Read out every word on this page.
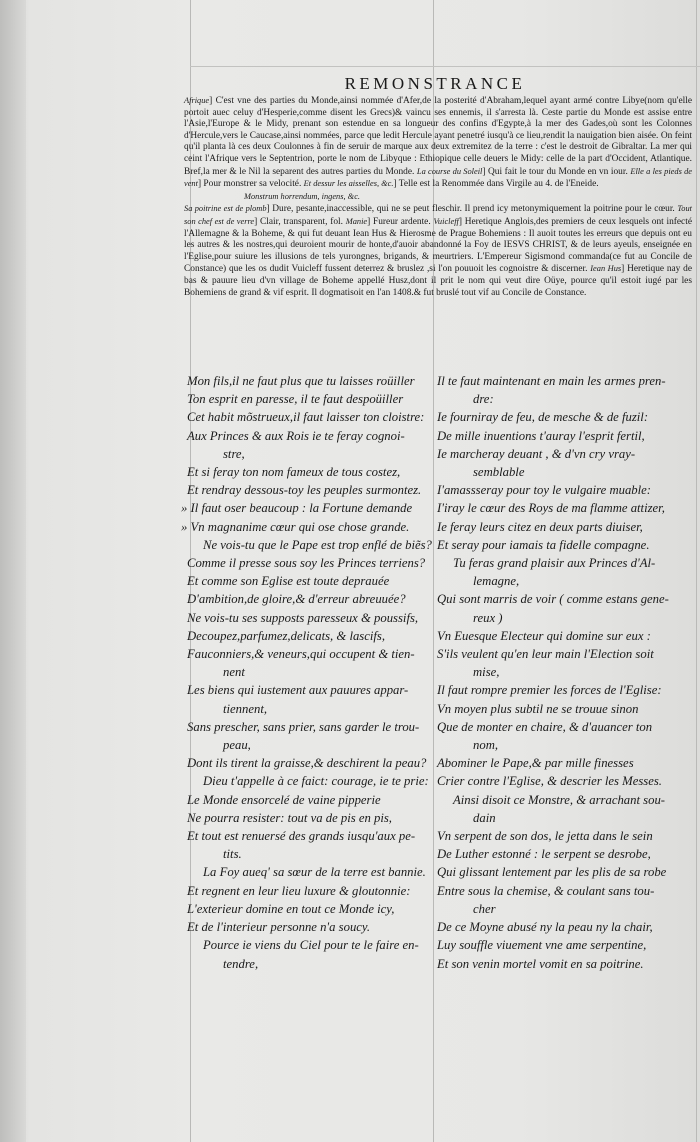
REMONSTRANCE

Afrique] C'est vne des parties du Monde,ainsi nommée d'Afer,de la posterité d'Abraham,lequel ayant armé contre Libye(nom qu'elle portoit auec celuy d'Hesperie,comme disent les Grecs)& vaincu ses ennemis, il s'arresta là. Ceste partie du Monde est assise entre l'Asie,l'Europe & le Midy, prenant son estendue en sa longueur des confins d'Egypte,à la mer des Gades,où sont les Colonnes d'Hercule,vers le Caucase,ainsi nommées, parce que ledit Hercule ayant penetré iusqu'à ce lieu,rendit la nauigation bien aisée. On feint qu'il planta là ces deux Coulonnes à fin de seruir de marque aux deux extremitez de la terre : c'est le destroit de Gibraltar. La mer qui ceint l'Afrique vers le Septentrion, porte le nom de Libyque : Ethiopique celle deuers le Midy: celle de la part d'Occident, Atlantique. Bref,la mer & le Nil la separent des autres parties du Monde. La course du Soleil] Qui fait le tour du Monde en vn iour. Elle a les pieds de vent] Pour monstrer sa velocité. Et dessur les aisselles, &c.] Telle est la Renommée dans Virgile au 4. de l'Eneide.

Monstrum horrendum, ingens, &c.

Sa poitrine est de plomb] Dure, pesante,inaccessible, qui ne se peut fleschir. Il prend icy metonymiquement la poitrine pour le cœur. Tout son chef est de verre] Clair, transparent, fol. Manie] Fureur ardente. Vuicleff] Heretique Anglois,des premiers de ceux lesquels ont infecté l'Allemagne & la Boheme, & qui fut deuant Iean Hus & Hierosme de Prague Bohemiens : Il auoit toutes les erreurs que depuis ont eu les autres & les nostres,qui deuroient mourir de honte,d'auoir abandonné la Foy de IESVS CHRIST, & de leurs ayeuls, enseignée en l'Eglise,pour suiure les illusions de tels yurongnes, brigands, & meurtriers. L'Empereur Sigismond commanda(ce fut au Concile de Constance) que les os dudit Vuicleff fussent deterrez & bruslez ,si l'on pouuoit les cognoistre & discerner. Iean Hus] Heretique nay de bas & pauure lieu d'vn village de Boheme appellé Husz,dont il prit le nom qui veut dire Oüye, pource qu'il estoit iugé par les Bohemiens de grand & vif esprit. Il dogmatisoit en l'an 1408.& fut bruslé tout vif au Concile de Constance.

Mon fils,il ne faut plus que tu laisses roüiller
Ton esprit en paresse, il te faut despoüiller
Cet habit mõstrueux,il faut laisser ton cloistre:
Aux Princes & aux Rois ie te feray cognoi-
stre,
Et si feray ton nom fameux de tous costez,
Et rendray dessous-toy les peuples surmontez.
» Il faut oser beaucoup : la Fortune demande
» Vn magnanime cœur qui ose chose grande.
Ne vois-tu que le Pape est trop enflé de biẽs?
Comme il presse sous soy les Princes terriens?
Et comme son Eglise est toute deprauée
D'ambition,de gloire,& d'erreur abreuuée?
Ne vois-tu ses supposts paresseux & poussifs,
Decoupez,parfumez,delicats, & lascifs,
Fauconniers,& veneurs,qui occupent & tien-
nent
Les biens qui iustement aux pauures appar-
tiennent,
Sans prescher, sans prier, sans garder le trou-
peau,
Dont ils tirent la graisse,& deschirent la peau?
Dieu t'appelle à ce faict: courage, ie te prie:
Le Monde ensorcelé de vaine pipperie
Ne pourra resister: tout va de pis en pis,
Et tout est renuersé des grands iusqu'aux pe-
tits.
La Foy aueq' sa sœur de la terre est bannie.
Et regnent en leur lieu luxure & gloutonnie:
L'exterieur domine en tout ce Monde icy,
Et de l'interieur personne n'a soucy.
Pource ie viens du Ciel pour te le faire en-
tendre,
Il te faut maintenant en main les armes pren-
dre:
Ie fourniray de feu, de mesche & de fuzil:
De mille inuentions t'auray l'esprit fertil,
Ie marcheray deuant , & d'vn cry vray-
semblable
I'amassseray pour toy le vulgaire muable:
I'iray le cœur des Roys de ma flamme attizer,
Ie feray leurs citez en deux parts diuiser,
Et seray pour iamais ta fidelle compagne.
Tu feras grand plaisir aux Princes d'Al-
lemagne,
Qui sont marris de voir ( comme estans gene-
reux )
Vn Euesque Electeur qui domine sur eux :
S'ils veulent qu'en leur main l'Election soit
mise,
Il faut rompre premier les forces de l'Eglise:
Vn moyen plus subtil ne se trouue sinon
Que de monter en chaire, & d'auancer ton
nom,
Abominer le Pape,& par mille finesses
Crier contre l'Eglise, & descrier les Messes.
Ainsi disoit ce Monstre, & arrachant sou-
dain
Vn serpent de son dos, le jetta dans le sein
De Luther estonné : le serpent se desrobe,
Qui glissant lentement par les plis de sa robe
Entre sous la chemise, & coulant sans tou-
cher
De ce Moyne abusé ny la peau ny la chair,
Luy souffle viuement vne ame serpentine,
Et son venin mortel vomit en sa poitrine.
